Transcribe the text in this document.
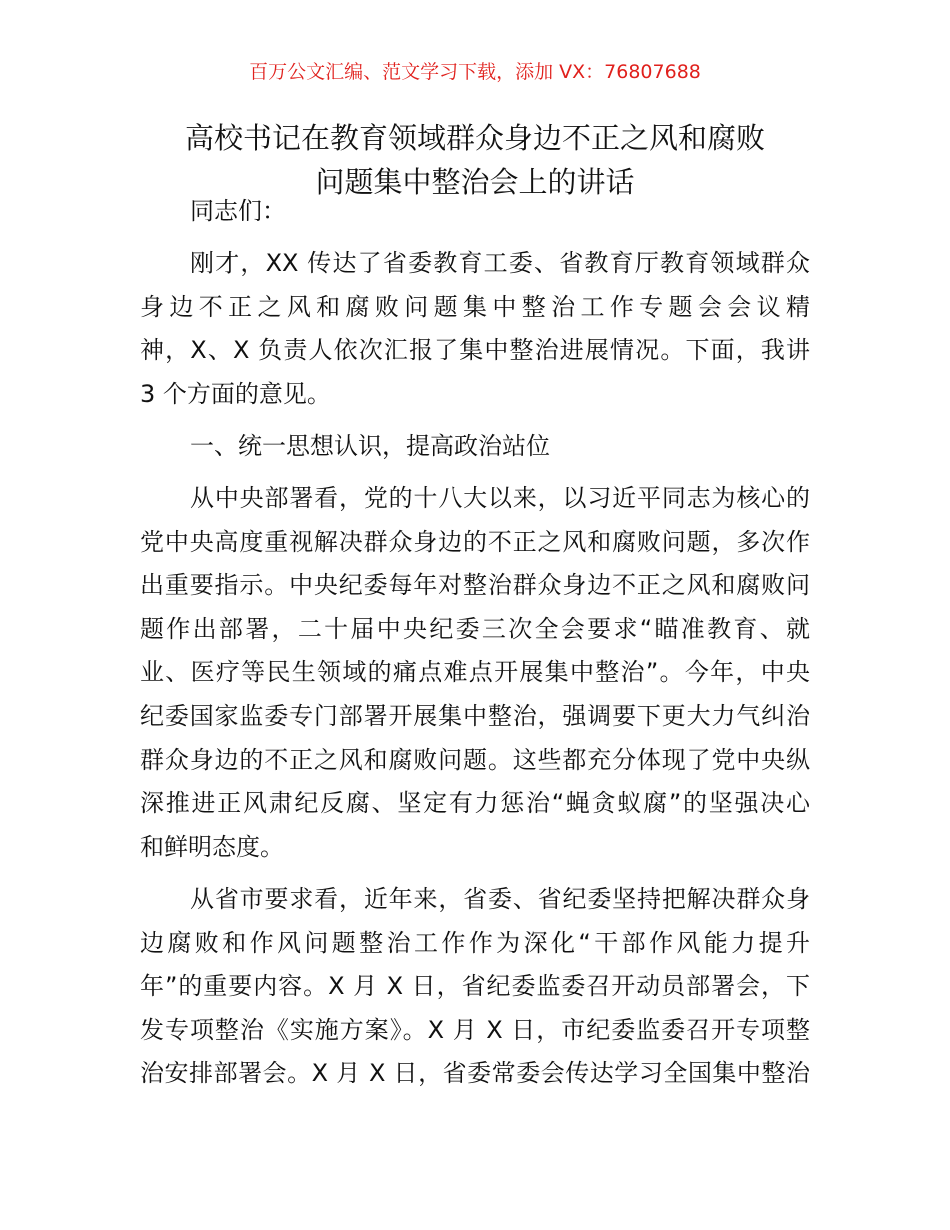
百万公文汇编、范文学习下载，添加 VX：76807688
高校书记在教育领域群众身边不正之风和腐败
问题集中整治会上的讲话
同志们：
刚才，XX 传达了省委教育工委、省教育厅教育领域群众
身边不正之风和腐败问题集中整治工作专题会会议精
神，X、X 负责人依次汇报了集中整治进展情况。下面，我讲
3 个方面的意见。
一、统一思想认识，提高政治站位
从中央部署看，党的十八大以来，以习近平同志为核心的
党中央高度重视解决群众身边的不正之风和腐败问题，多次作
出重要指示。中央纪委每年对整治群众身边不正之风和腐败问
题作出部署，二十届中央纪委三次全会要求“瞄准教育、就
业、医疗等民生领域的痛点难点开展集中整治”。今年，中央
纪委国家监委专门部署开展集中整治，强调要下更大力气纠治
群众身边的不正之风和腐败问题。这些都充分体现了党中央纵
深推进正风肃纪反腐、坚定有力惩治“蝇贪蚁腐”的坚强决心
和鲜明态度。
从省市要求看，近年来，省委、省纪委坚持把解决群众身
边腐败和作风问题整治工作作为深化“干部作风能力提升
年”的重要内容。X 月 X 日，省纪委监委召开动员部署会，下
发专项整治《实施方案》。X 月 X 日，市纪委监委召开专项整
治安排部署会。X 月 X 日，省委常委会传达学习全国集中整治
